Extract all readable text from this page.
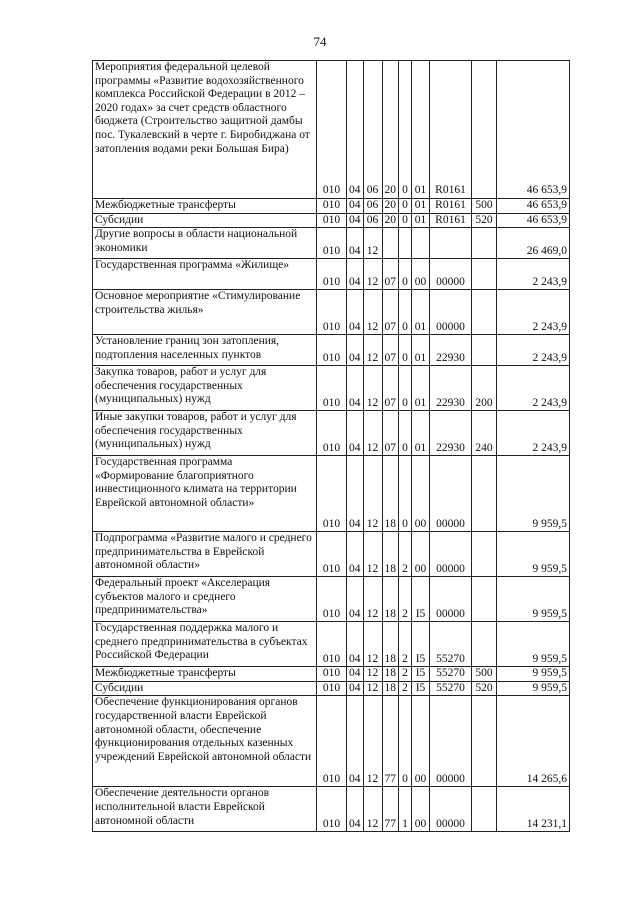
74
Мероприятия федеральной целевой программы «Развитие водохозяйственного комплекса Российской Федерации в 2012 – 2020 годах» за счет средств областного бюджета (Строительство защитной дамбы пос. Тукалевский в черте г. Биробиджана от затопления водами реки Большая Бира)	010	04	06	20	0	01	R0161		46 653,9
Межбюджетные трансферты	010	04	06	20	0	01	R0161	500	46 653,9
Субсидии	010	04	06	20	0	01	R0161	520	46 653,9
Другие вопросы в области национальной экономики	010	04	12						26 469,0
Государственная программа «Жилище»	010	04	12	07	0	00	00000		2 243,9
Основное мероприятие «Стимулирование строительства жилья»	010	04	12	07	0	01	00000		2 243,9
Установление границ зон затопления, подтопления населенных пунктов	010	04	12	07	0	01	22930		2 243,9
Закупка товаров, работ и услуг для обеспечения государственных (муниципальных) нужд	010	04	12	07	0	01	22930	200	2 243,9
Иные закупки товаров, работ и услуг для обеспечения государственных (муниципальных) нужд	010	04	12	07	0	01	22930	240	2 243,9
Государственная программа «Формирование благоприятного инвестиционного климата на территории Еврейской автономной области»	010	04	12	18	0	00	00000		9 959,5
Подпрограмма «Развитие малого и среднего предпринимательства в Еврейской автономной области»	010	04	12	18	2	00	00000		9 959,5
Федеральный проект «Акселерация субъектов малого и среднего предпринимательства»	010	04	12	18	2	I5	00000		9 959,5
Государственная поддержка малого и среднего предпринимательства в субъектах Российской Федерации	010	04	12	18	2	I5	55270		9 959,5
Межбюджетные трансферты	010	04	12	18	2	I5	55270	500	9 959,5
Субсидии	010	04	12	18	2	I5	55270	520	9 959,5
Обеспечение функционирования органов государственной власти Еврейской автономной области, обеспечение функционирования отдельных казенных учреждений Еврейской автономной области	010	04	12	77	0	00	00000		14 265,6
Обеспечение деятельности органов исполнительной власти Еврейской автономной области	010	04	12	77	1	00	00000		14 231,1
